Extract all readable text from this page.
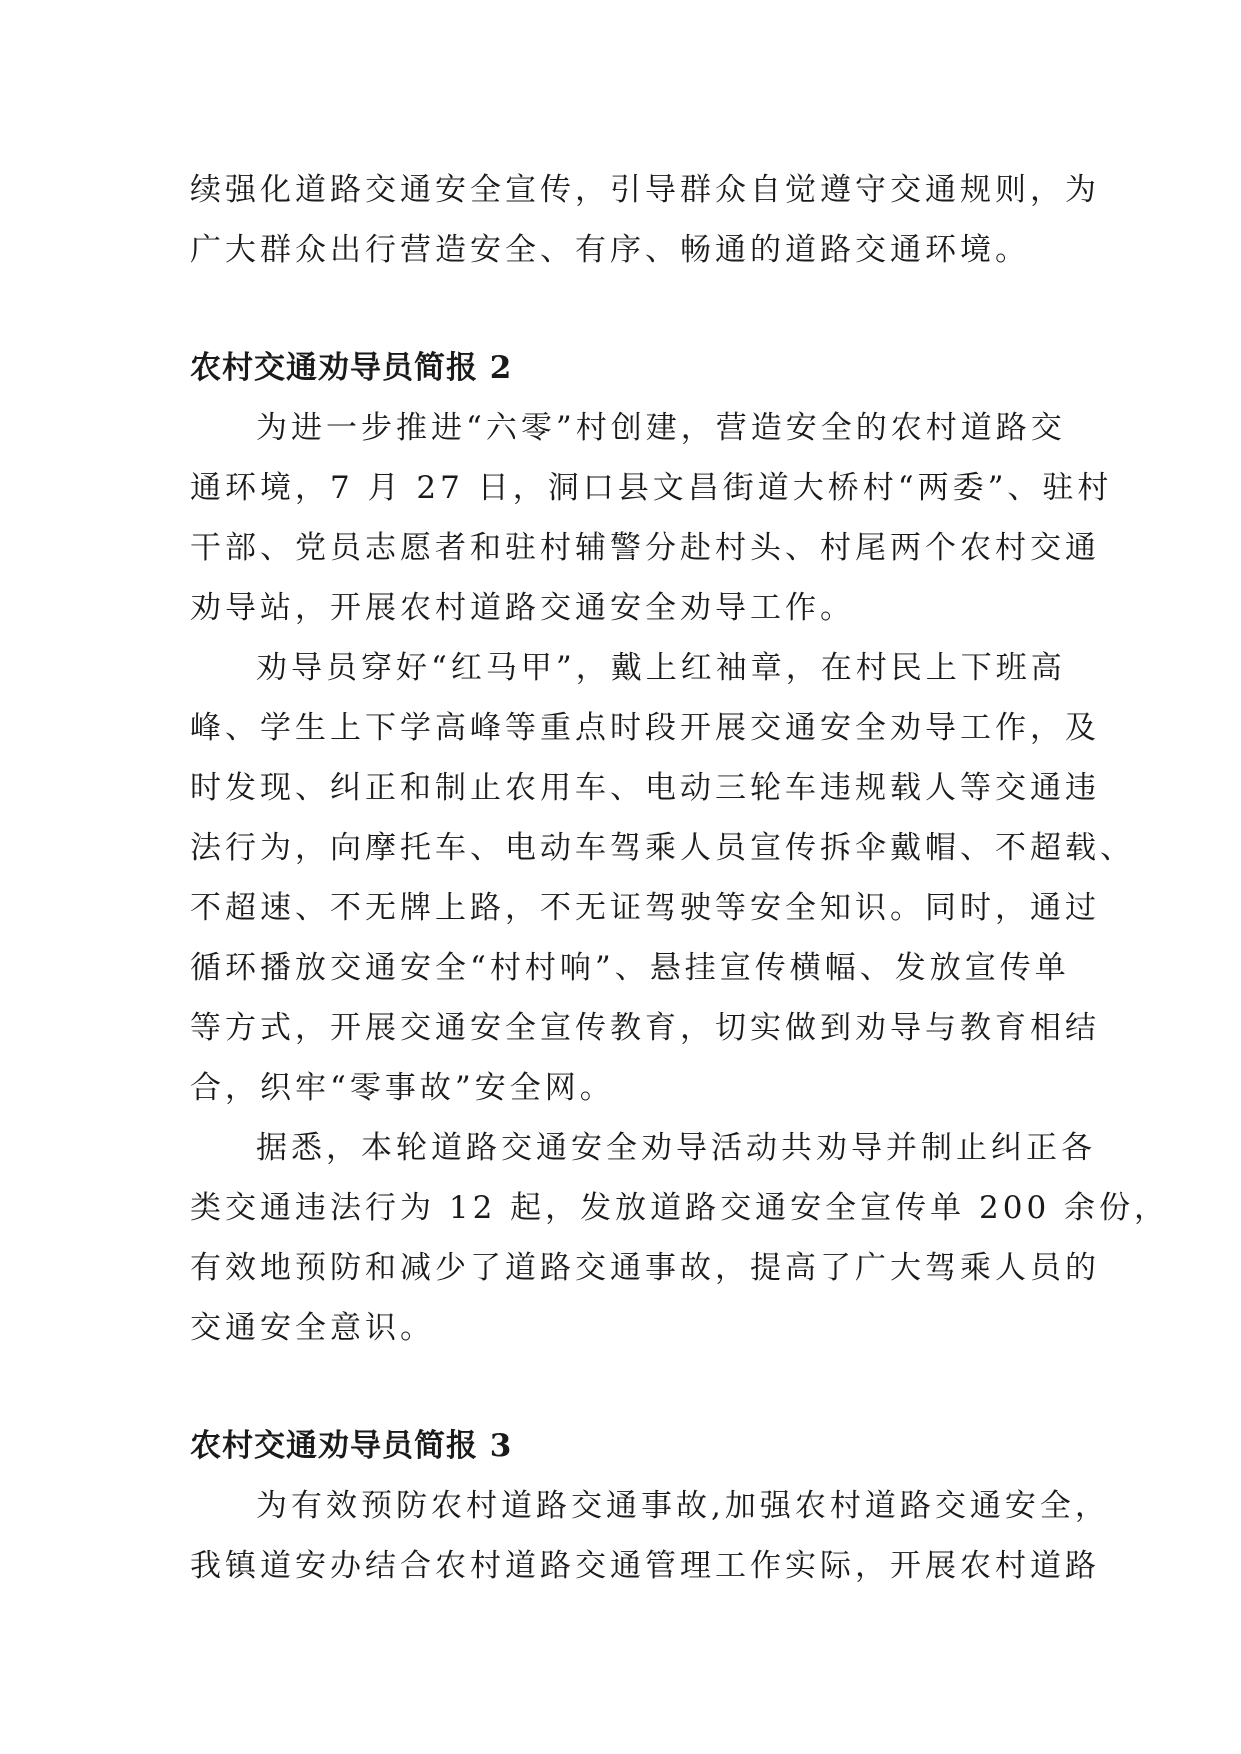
续强化道路交通安全宣传，引导群众自觉遵守交通规则，为
广大群众出行营造安全、有序、畅通的道路交通环境。

农村交通劝导员简报 2

为进一步推进“六零”村创建，营造安全的农村道路交
通环境，7 月 27 日，洞口县文昌街道大桥村“两委”、驻村
干部、党员志愿者和驻村辅警分赴村头、村尾两个农村交通
劝导站，开展农村道路交通安全劝导工作。

劝导员穿好“红马甲”，戴上红袖章，在村民上下班高
峰、学生上下学高峰等重点时段开展交通安全劝导工作，及
时发现、纠正和制止农用车、电动三轮车违规载人等交通违
法行为，向摩托车、电动车驾乘人员宣传拆伞戴帽、不超载、
不超速、不无牌上路，不无证驾驶等安全知识。同时，通过
循环播放交通安全“村村响”、悬挂宣传横幅、发放宣传单
等方式，开展交通安全宣传教育，切实做到劝导与教育相结
合，织牢“零事故”安全网。

据悉，本轮道路交通安全劝导活动共劝导并制止纠正各
类交通违法行为 12 起，发放道路交通安全宣传单 200 余份，
有效地预防和减少了道路交通事故，提高了广大驾乘人员的
交通安全意识。

农村交通劝导员简报 3

为有效预防农村道路交通事故,加强农村道路交通安全，
我镇道安办结合农村道路交通管理工作实际，开展农村道路
